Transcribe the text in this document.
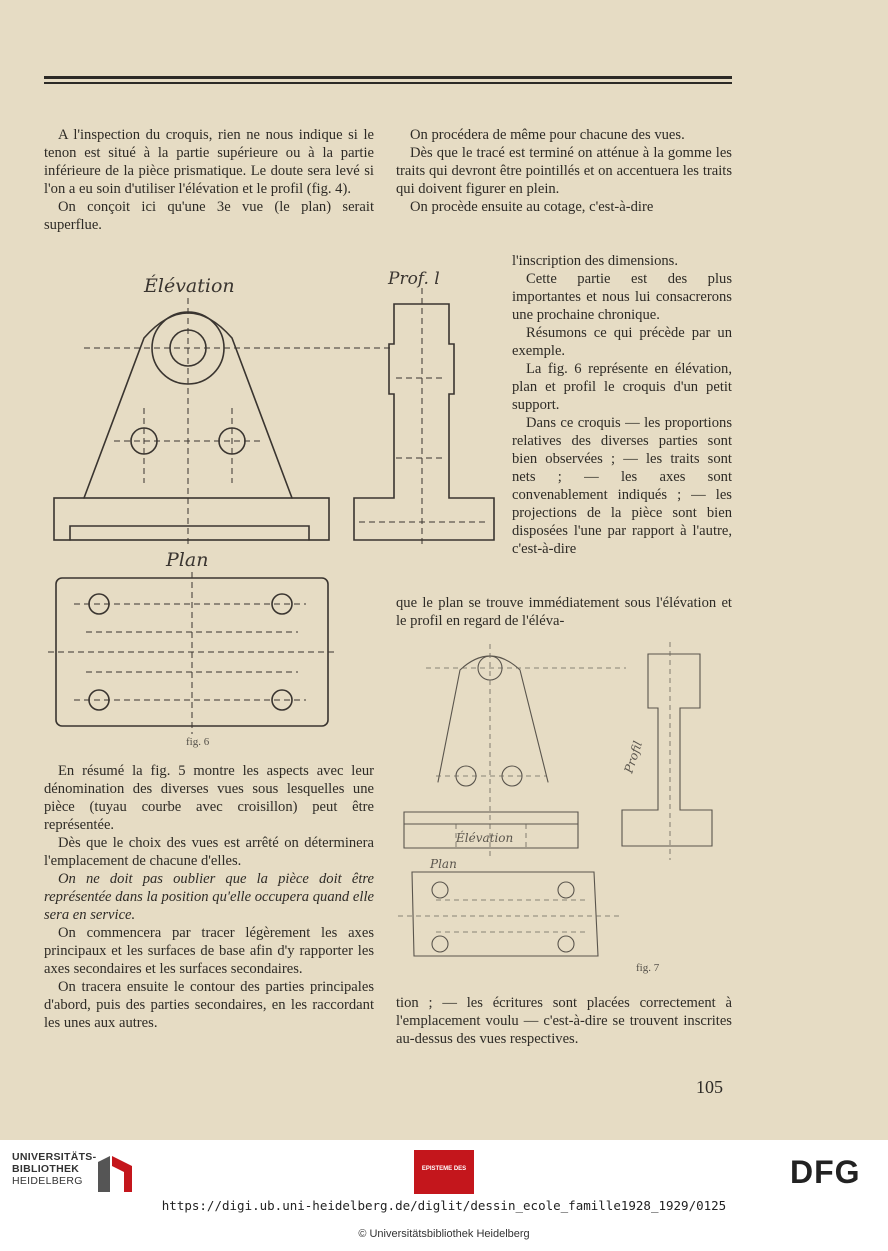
A l'inspection du croquis, rien ne nous indique si le tenon est situé à la partie supérieure ou à la partie inférieure de la pièce prismatique. Le doute sera levé si l'on a eu soin d'utiliser l'élévation et le profil (fig. 4).

On conçoit ici qu'une 3e vue (le plan) serait superflue.

On procédera de même pour chacune des vues.

Dès que le tracé est terminé on atténue à la gomme les traits qui devront être pointillés et on accentuera les traits qui doivent figurer en plein.

On procède ensuite au cotage, c'est-à-dire

l'inscription des dimensions.

Cette partie est des plus importantes et nous lui consacrerons une prochaine chronique.

Résumons ce qui précède par un exemple.

La fig. 6 représente en élévation, plan et profil le croquis d'un petit support.

Dans ce croquis — les proportions relatives des diverses parties sont bien observées ; — les traits sont nets ; — les axes sont convenablement indiqués ; — les projections de la pièce sont bien disposées l'une par rapport à l'autre, c'est-à-dire

que le plan se trouve immédiatement sous l'élévation et le profil en regard de l'éléva-

Élévation	Prof. l
Plan
fig. 6

En résumé la fig. 5 montre les aspects avec leur dénomination des diverses vues sous lesquelles une pièce (tuyau courbe avec croisillon) peut être représentée.

Dès que le choix des vues est arrêté on déterminera l'emplacement de chacune d'elles.

On ne doit pas oublier que la pièce doit être représentée dans la position qu'elle occupera quand elle sera en service.

On commencera par tracer légèrement les axes principaux et les surfaces de base afin d'y rapporter les axes secondaires et les surfaces secondaires.

On tracera ensuite le contour des parties principales d'abord, puis des parties secondaires, en les raccordant les unes aux autres.

Élévation
Plan
Profil
fig. 7

tion ; — les écritures sont placées correctement à l'emplacement voulu — c'est-à-dire se trouvent inscrites au-dessus des vues respectives.

105
UNIVERSITÄTS-
BIBLIOTHEK
HEIDELBERG
EPISTEME DES	DFG
https://digi.ub.uni-heidelberg.de/diglit/dessin_ecole_famille1928_1929/0125
© Universitätsbibliothek Heidelberg
